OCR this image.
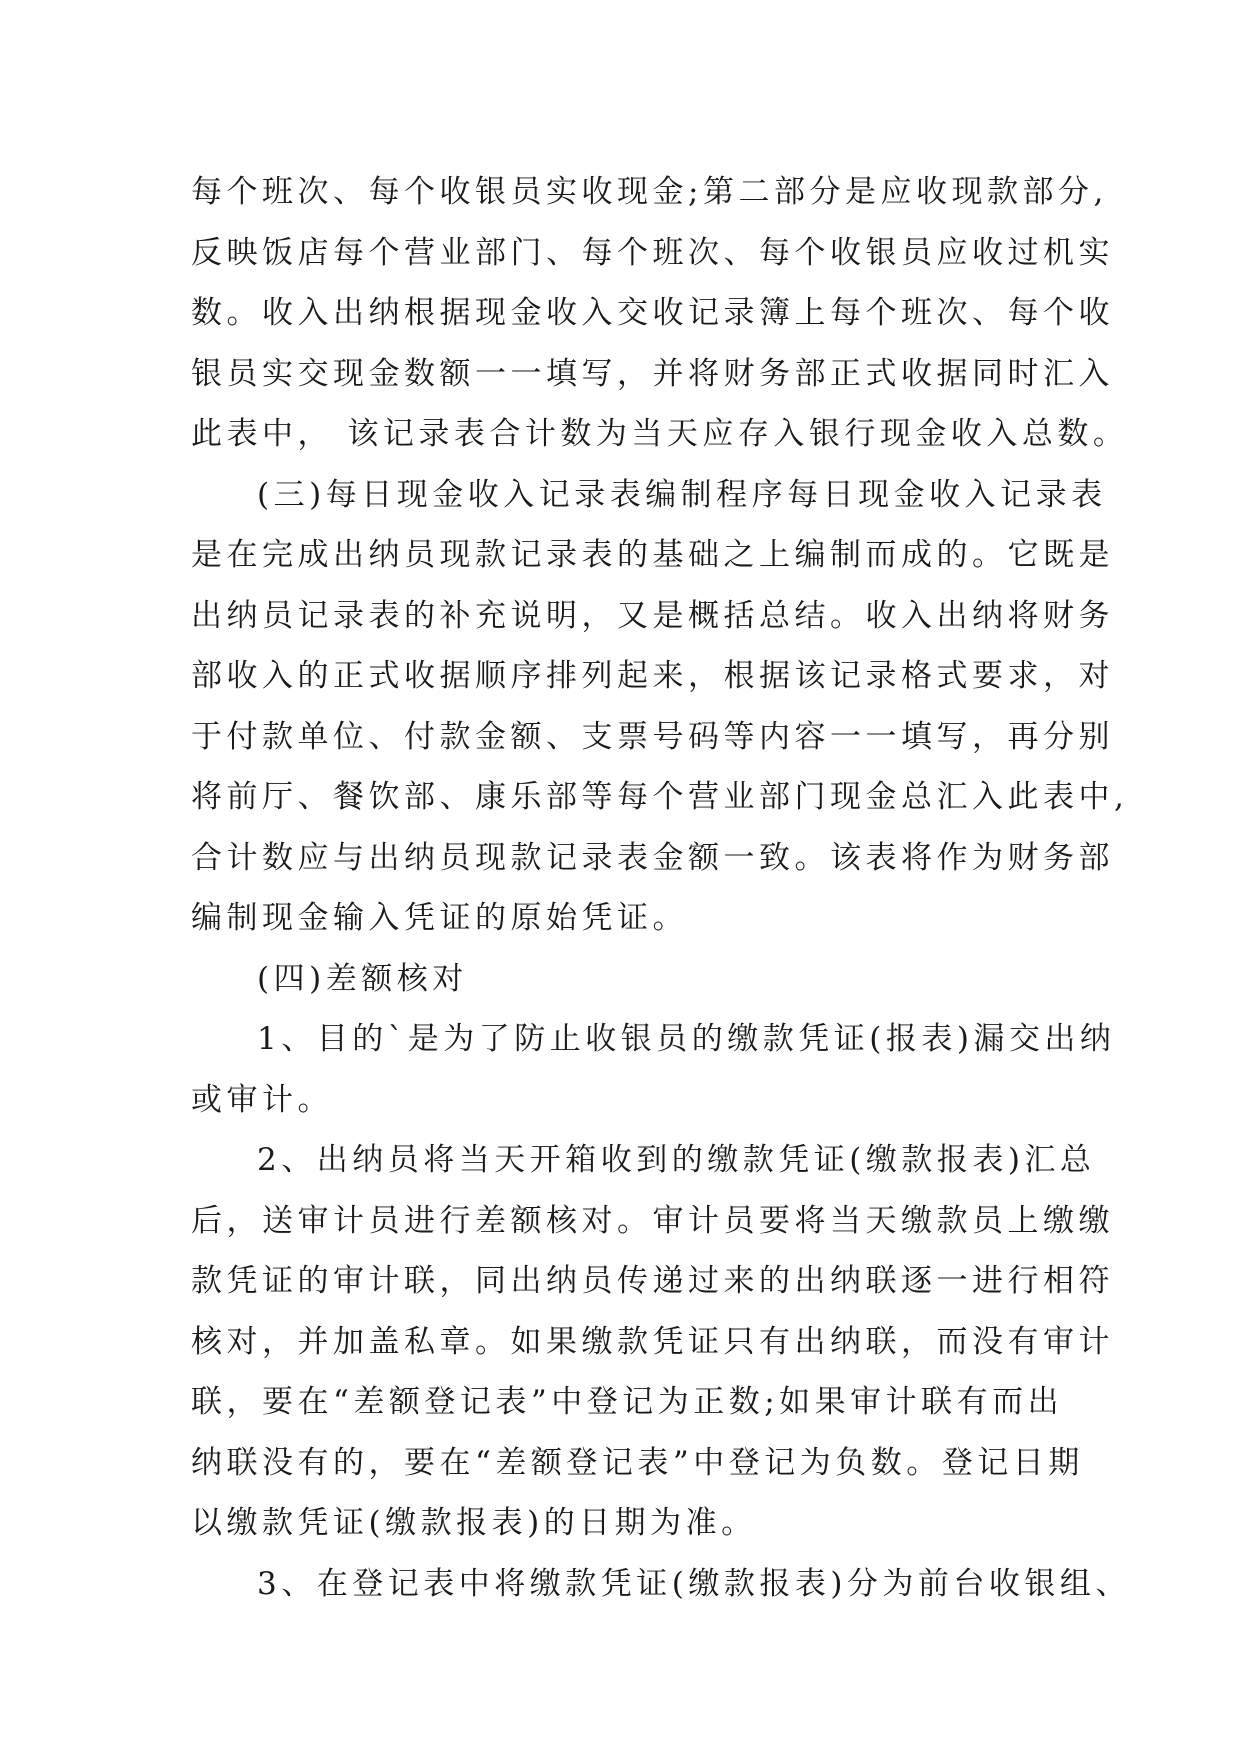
每个班次、每个收银员实收现金;第二部分是应收现款部分,
反映饭店每个营业部门、每个班次、每个收银员应收过机实
数。收入出纳根据现金收入交收记录簿上每个班次、每个收
银员实交现金数额一一填写，并将财务部正式收据同时汇入
此表中， 该记录表合计数为当天应存入银行现金收入总数。
(三)每日现金收入记录表编制程序每日现金收入记录表
是在完成出纳员现款记录表的基础之上编制而成的。它既是
出纳员记录表的补充说明，又是概括总结。收入出纳将财务
部收入的正式收据顺序排列起来，根据该记录格式要求，对
于付款单位、付款金额、支票号码等内容一一填写，再分别
将前厅、餐饮部、康乐部等每个营业部门现金总汇入此表中,
合计数应与出纳员现款记录表金额一致。该表将作为财务部
编制现金输入凭证的原始凭证。
(四)差额核对
1、目的`是为了防止收银员的缴款凭证(报表)漏交出纳
或审计。
2、出纳员将当天开箱收到的缴款凭证(缴款报表)汇总
后，送审计员进行差额核对。审计员要将当天缴款员上缴缴
款凭证的审计联，同出纳员传递过来的出纳联逐一进行相符
核对，并加盖私章。如果缴款凭证只有出纳联，而没有审计
联，要在“差额登记表”中登记为正数;如果审计联有而出
纳联没有的，要在“差额登记表”中登记为负数。登记日期
以缴款凭证(缴款报表)的日期为准。
3、在登记表中将缴款凭证(缴款报表)分为前台收银组、
